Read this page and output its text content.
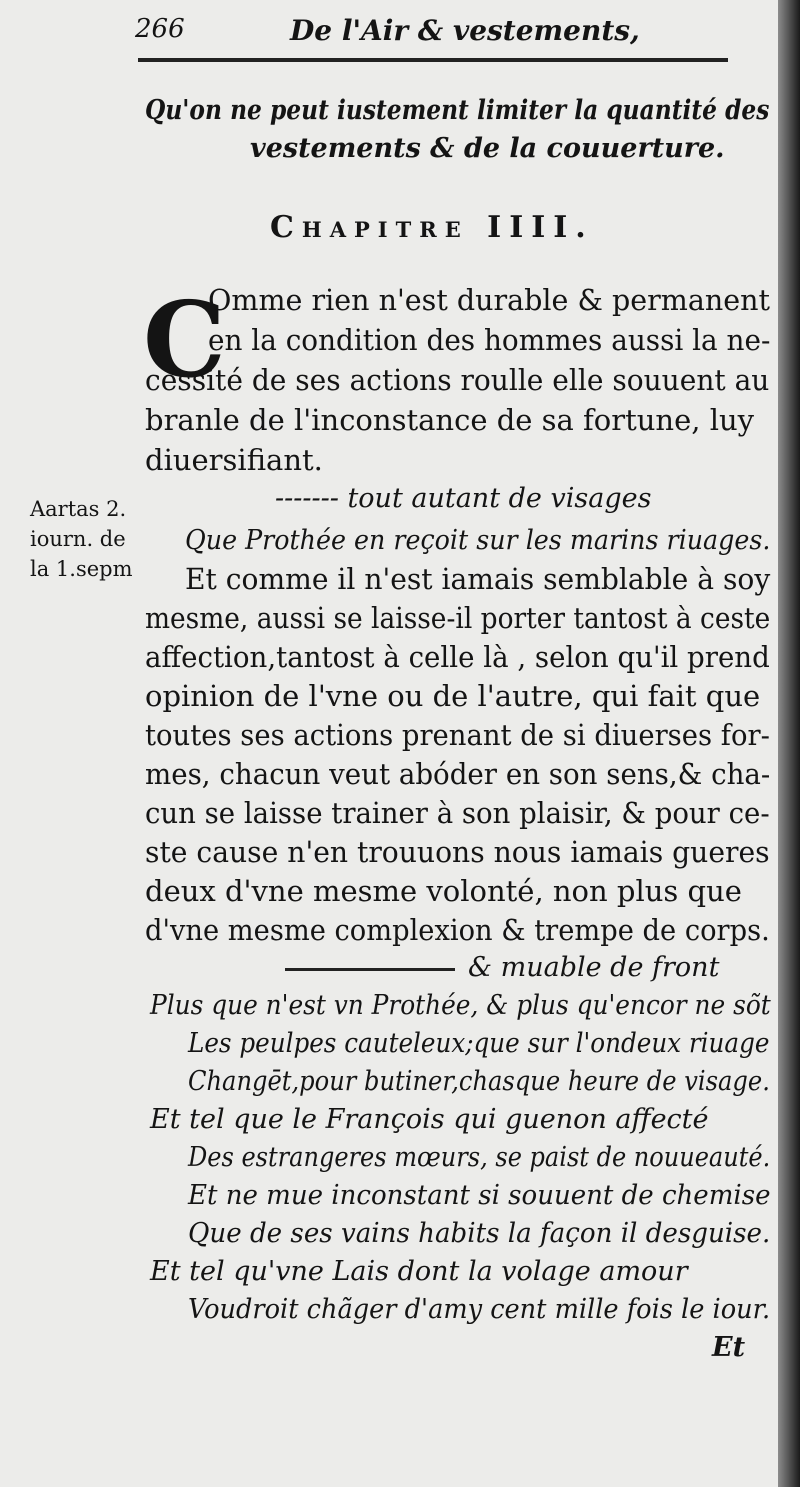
266	De l'Air & vestements,
Qu'on ne peut iustement limiter la quantité des
vestements & de la couuerture.
Chapitre IIII.
C
Omme rien n'est durable & permanent
en la condition des hommes aussi la ne-
cessité de ses actions roulle elle souuent au
branle de l'inconstance de sa fortune, luy
diuersifiant.
Aartas 2.
iourn. de
la 1.sepm
------- tout autant de visages
Que Prothée en reçoit sur les marins riuages.
Et comme il n'est iamais semblable à soy
mesme, aussi se laisse-il porter tantost à ceste
affection,tantost à celle là , selon qu'il prend
opinion de l'vne ou de l'autre, qui fait que
toutes ses actions prenant de si diuerses for-
mes, chacun veut abóder en son sens,& cha-
cun se laisse trainer à son plaisir, & pour ce-
ste cause n'en trouuons nous iamais gueres
deux d'vne mesme volonté, non plus que
d'vne mesme complexion & trempe de corps.
& muable de front
Plus que n'est vn Prothée, & plus qu'encor ne sõt
Les peulpes cauteleux;que sur l'ondeux riuage
Changēt,pour butiner,chasque heure de visage.
Et tel que le François qui guenon affecté
Des estrangeres mœurs, se paist de nouueauté.
Et ne mue inconstant si souuent de chemise
Que de ses vains habits la façon il desguise.
Et tel qu'vne Lais dont la volage amour
Voudroit chãger d'amy cent mille fois le iour.
Et
